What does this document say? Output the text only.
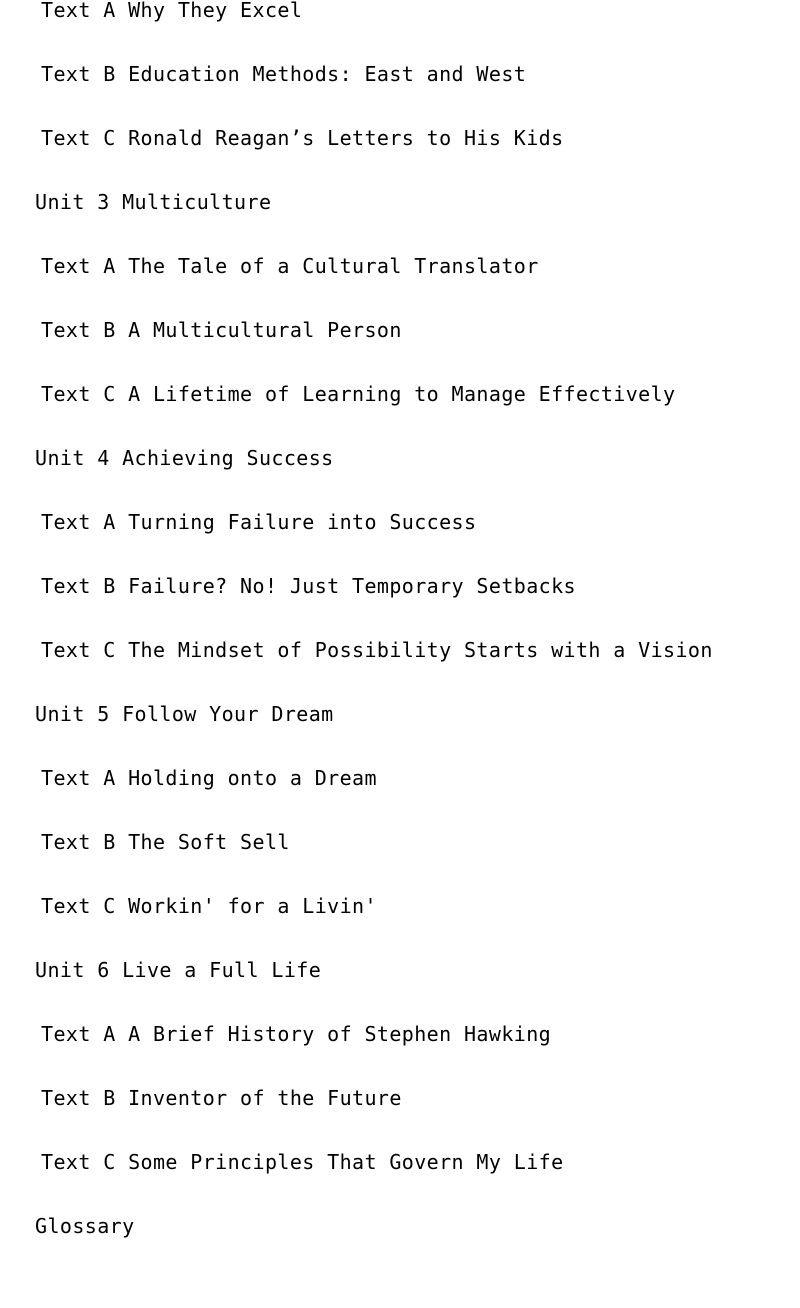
Text A Why They Excel
Text B Education Methods: East and West
Text C Ronald Reagan’s Letters to His Kids
Unit 3 Multiculture
Text A The Tale of a Cultural Translator
Text B A Multicultural Person
Text C A Lifetime of Learning to Manage Effectively
Unit 4 Achieving Success
Text A Turning Failure into Success
Text B Failure? No! Just Temporary Setbacks
Text C The Mindset of Possibility Starts with a Vision
Unit 5 Follow Your Dream
Text A Holding onto a Dream
Text B The Soft Sell
Text C Workin' for a Livin'
Unit 6 Live a Full Life
Text A A Brief History of Stephen Hawking
Text B Inventor of the Future
Text C Some Principles That Govern My Life
Glossary
